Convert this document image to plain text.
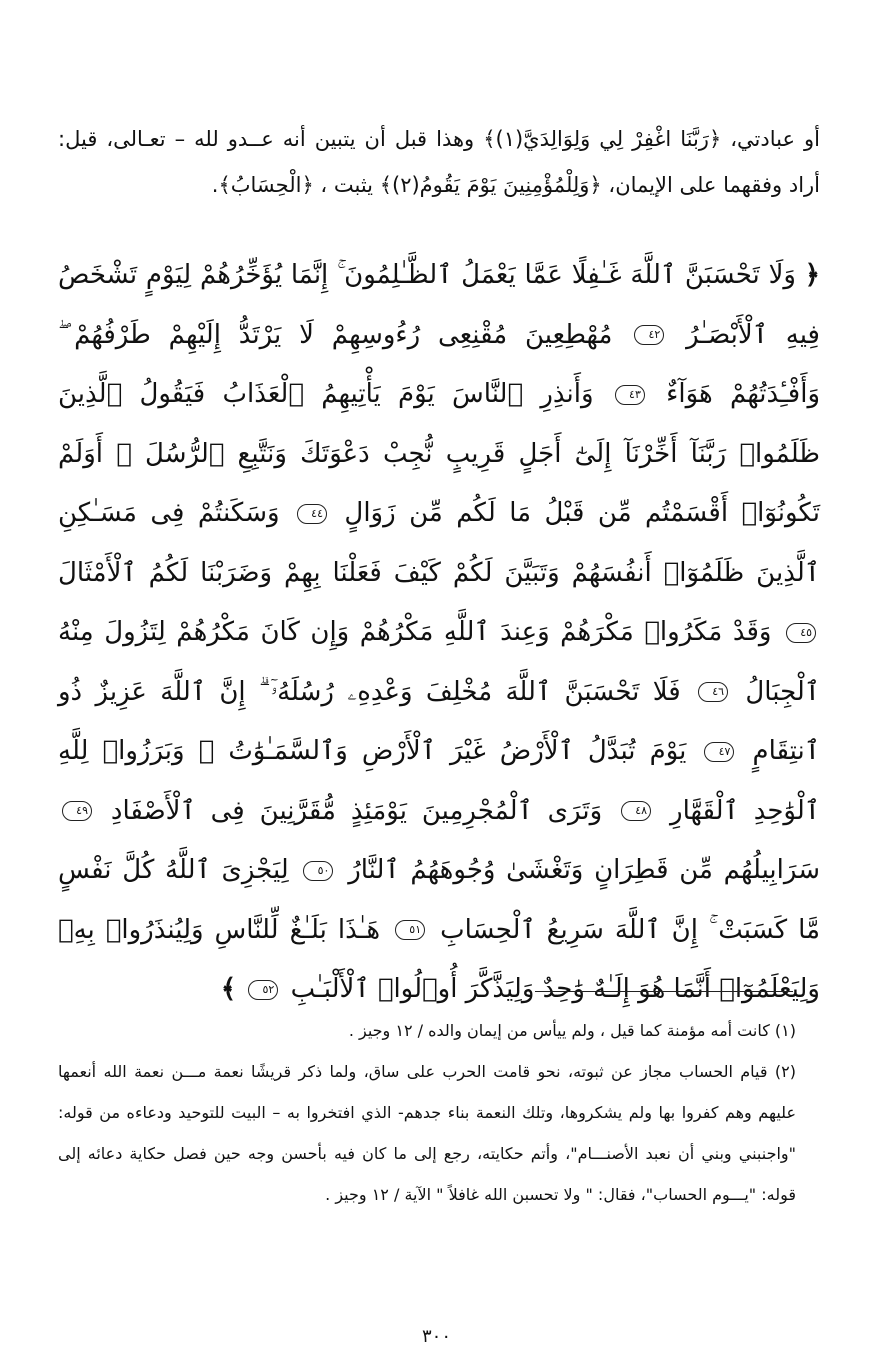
أو عبادتي، ﴿رَبَّنَا اغْفِرْ لِي وَلِوَالِدَيَّ(١)﴾ وهذا قبل أن يتبين أنه عــدو لله – تعـالى، قيل: أراد وفقهما على الإيمان، ﴿وَلِلْمُؤْمِنِينَ يَوْمَ يَقُومُ(٢)﴾ يثبت ، ﴿الْحِسَابُ﴾.
﴿ وَلَا تَحْسَبَنَّ ٱللَّهَ غَـٰفِلًا عَمَّا يَعْمَلُ ٱلظَّـٰلِمُونَ ۚ إِنَّمَا يُؤَخِّرُهُمْ لِيَوْمٍ تَشْخَصُ فِيهِ ٱلْأَبْصَـٰرُ ٤٢ مُهْطِعِينَ مُقْنِعِى رُءُوسِهِمْ لَا يَرْتَدُّ إِلَيْهِمْ طَرْفُهُمْ ۖ وَأَفْـِٔدَتُهُمْ هَوَآءٌ ٤٣ وَأَنذِرِ ٱلنَّاسَ يَوْمَ يَأْتِيهِمُ ٱلْعَذَابُ فَيَقُولُ ٱلَّذِينَ ظَلَمُوا۟ رَبَّنَآ أَخِّرْنَآ إِلَىٰٓ أَجَلٍ قَرِيبٍ نُّجِبْ دَعْوَتَكَ وَنَتَّبِعِ ٱلرُّسُلَ ۗ أَوَلَمْ تَكُونُوٓا۟ أَقْسَمْتُم مِّن قَبْلُ مَا لَكُم مِّن زَوَالٍ ٤٤ وَسَكَنتُمْ فِى مَسَـٰكِنِ ٱلَّذِينَ ظَلَمُوٓا۟ أَنفُسَهُمْ وَتَبَيَّنَ لَكُمْ كَيْفَ فَعَلْنَا بِهِمْ وَضَرَبْنَا لَكُمُ ٱلْأَمْثَالَ ٤٥ وَقَدْ مَكَرُوا۟ مَكْرَهُمْ وَعِندَ ٱللَّهِ مَكْرُهُمْ وَإِن كَانَ مَكْرُهُمْ لِتَزُولَ مِنْهُ ٱلْجِبَالُ ٤٦ فَلَا تَحْسَبَنَّ ٱللَّهَ مُخْلِفَ وَعْدِهِۦ رُسُلَهُۥٓ ۗ إِنَّ ٱللَّهَ عَزِيزٌ ذُو ٱنتِقَامٍ ٤٧ يَوْمَ تُبَدَّلُ ٱلْأَرْضُ غَيْرَ ٱلْأَرْضِ وَٱلسَّمَـٰوَٰتُ ۖ وَبَرَزُوا۟ لِلَّهِ ٱلْوَٰحِدِ ٱلْقَهَّارِ ٤٨ وَتَرَى ٱلْمُجْرِمِينَ يَوْمَئِذٍ مُّقَرَّنِينَ فِى ٱلْأَصْفَادِ ٤٩ سَرَابِيلُهُم مِّن قَطِرَانٍ وَتَغْشَىٰ وُجُوهَهُمُ ٱلنَّارُ ٥٠ لِيَجْزِىَ ٱللَّهُ كُلَّ نَفْسٍ مَّا كَسَبَتْ ۚ إِنَّ ٱللَّهَ سَرِيعُ ٱلْحِسَابِ ٥١ هَـٰذَا بَلَـٰغٌ لِّلنَّاسِ وَلِيُنذَرُوا۟ بِهِۦ وَلِيَعْلَمُوٓا۟ أَنَّمَا هُوَ إِلَـٰهٌ وَٰحِدٌ وَلِيَذَّكَّرَ أُو۟لُوا۟ ٱلْأَلْبَـٰبِ ٥٢ ﴾
(١) كانت أمه مؤمنة كما قيل ، ولم ييأس من إيمان والده / ١٢ وجيز .
(٢) قيام الحساب مجاز عن ثبوته، نحو قامت الحرب على ساق، ولما ذكر قريشًا نعمة مـــن نعمة الله أنعمها عليهم وهم كفروا بها ولم يشكروها، وتلك النعمة بناء جدهم- الذي افتخروا به – البيت للتوحيد ودعاءه من قوله: "واجنبني وبني أن نعبد الأصنـــام"، وأتم حكايته، رجع إلى ما كان فيه بأحسن وجه حين فصل حكاية دعائه إلى قوله: "يـــوم الحساب"، فقال: " ولا تحسبن الله غافلاً " الآية / ١٢ وجيز .
٣٠٠
